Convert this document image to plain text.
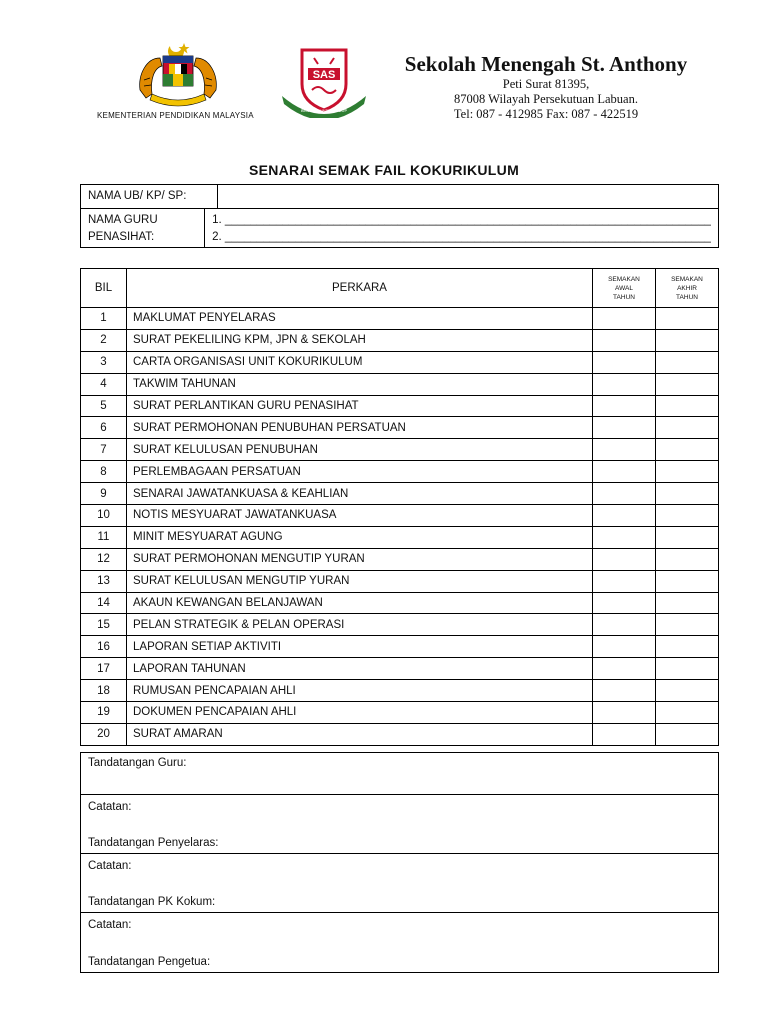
KEMENTERIAN PENDIDIKAN MALAYSIA
SAS
BELAJAR UNTUK HIDUP
Sekolah Menengah St. Anthony
Peti Surat 81395,
87008 Wilayah Persekutuan Labuan.
Tel: 087 - 412985 Fax: 087 - 422519
SENARAI SEMAK FAIL KOKURIKULUM
NAMA UB/ KP/ SP:
NAMA GURU
PENASIHAT:
1. ____________________________________________________________________________
2. ____________________________________________________________________________
BIL	PERKARA	SEMAKAN
AWAL
TAHUN	SEMAKAN
AKHIR
TAHUN

1	MAKLUMAT PENYELARAS		
2	SURAT PEKELILING KPM, JPN & SEKOLAH		
3	CARTA ORGANISASI UNIT KOKURIKULUM		
4	TAKWIM TAHUNAN		
5	SURAT PERLANTIKAN GURU PENASIHAT		
6	SURAT PERMOHONAN PENUBUHAN PERSATUAN		
7	SURAT KELULUSAN PENUBUHAN		
8	PERLEMBAGAAN PERSATUAN		
9	SENARAI JAWATANKUASA & KEAHLIAN		
10	NOTIS MESYUARAT JAWATANKUASA		
11	MINIT MESYUARAT AGUNG		
12	SURAT PERMOHONAN MENGUTIP YURAN		
13	SURAT KELULUSAN MENGUTIP YURAN		
14	AKAUN KEWANGAN BELANJAWAN		
15	PELAN STRATEGIK & PELAN OPERASI		
16	LAPORAN SETIAP AKTIVITI		
17	LAPORAN TAHUNAN		
18	RUMUSAN PENCAPAIAN AHLI		
19	DOKUMEN PENCAPAIAN AHLI		
20	SURAT AMARAN		
Tandatangan Guru:
Catatan:
Tandatangan Penyelaras:
Catatan:
Tandatangan PK Kokum:
Catatan:
Tandatangan Pengetua:
